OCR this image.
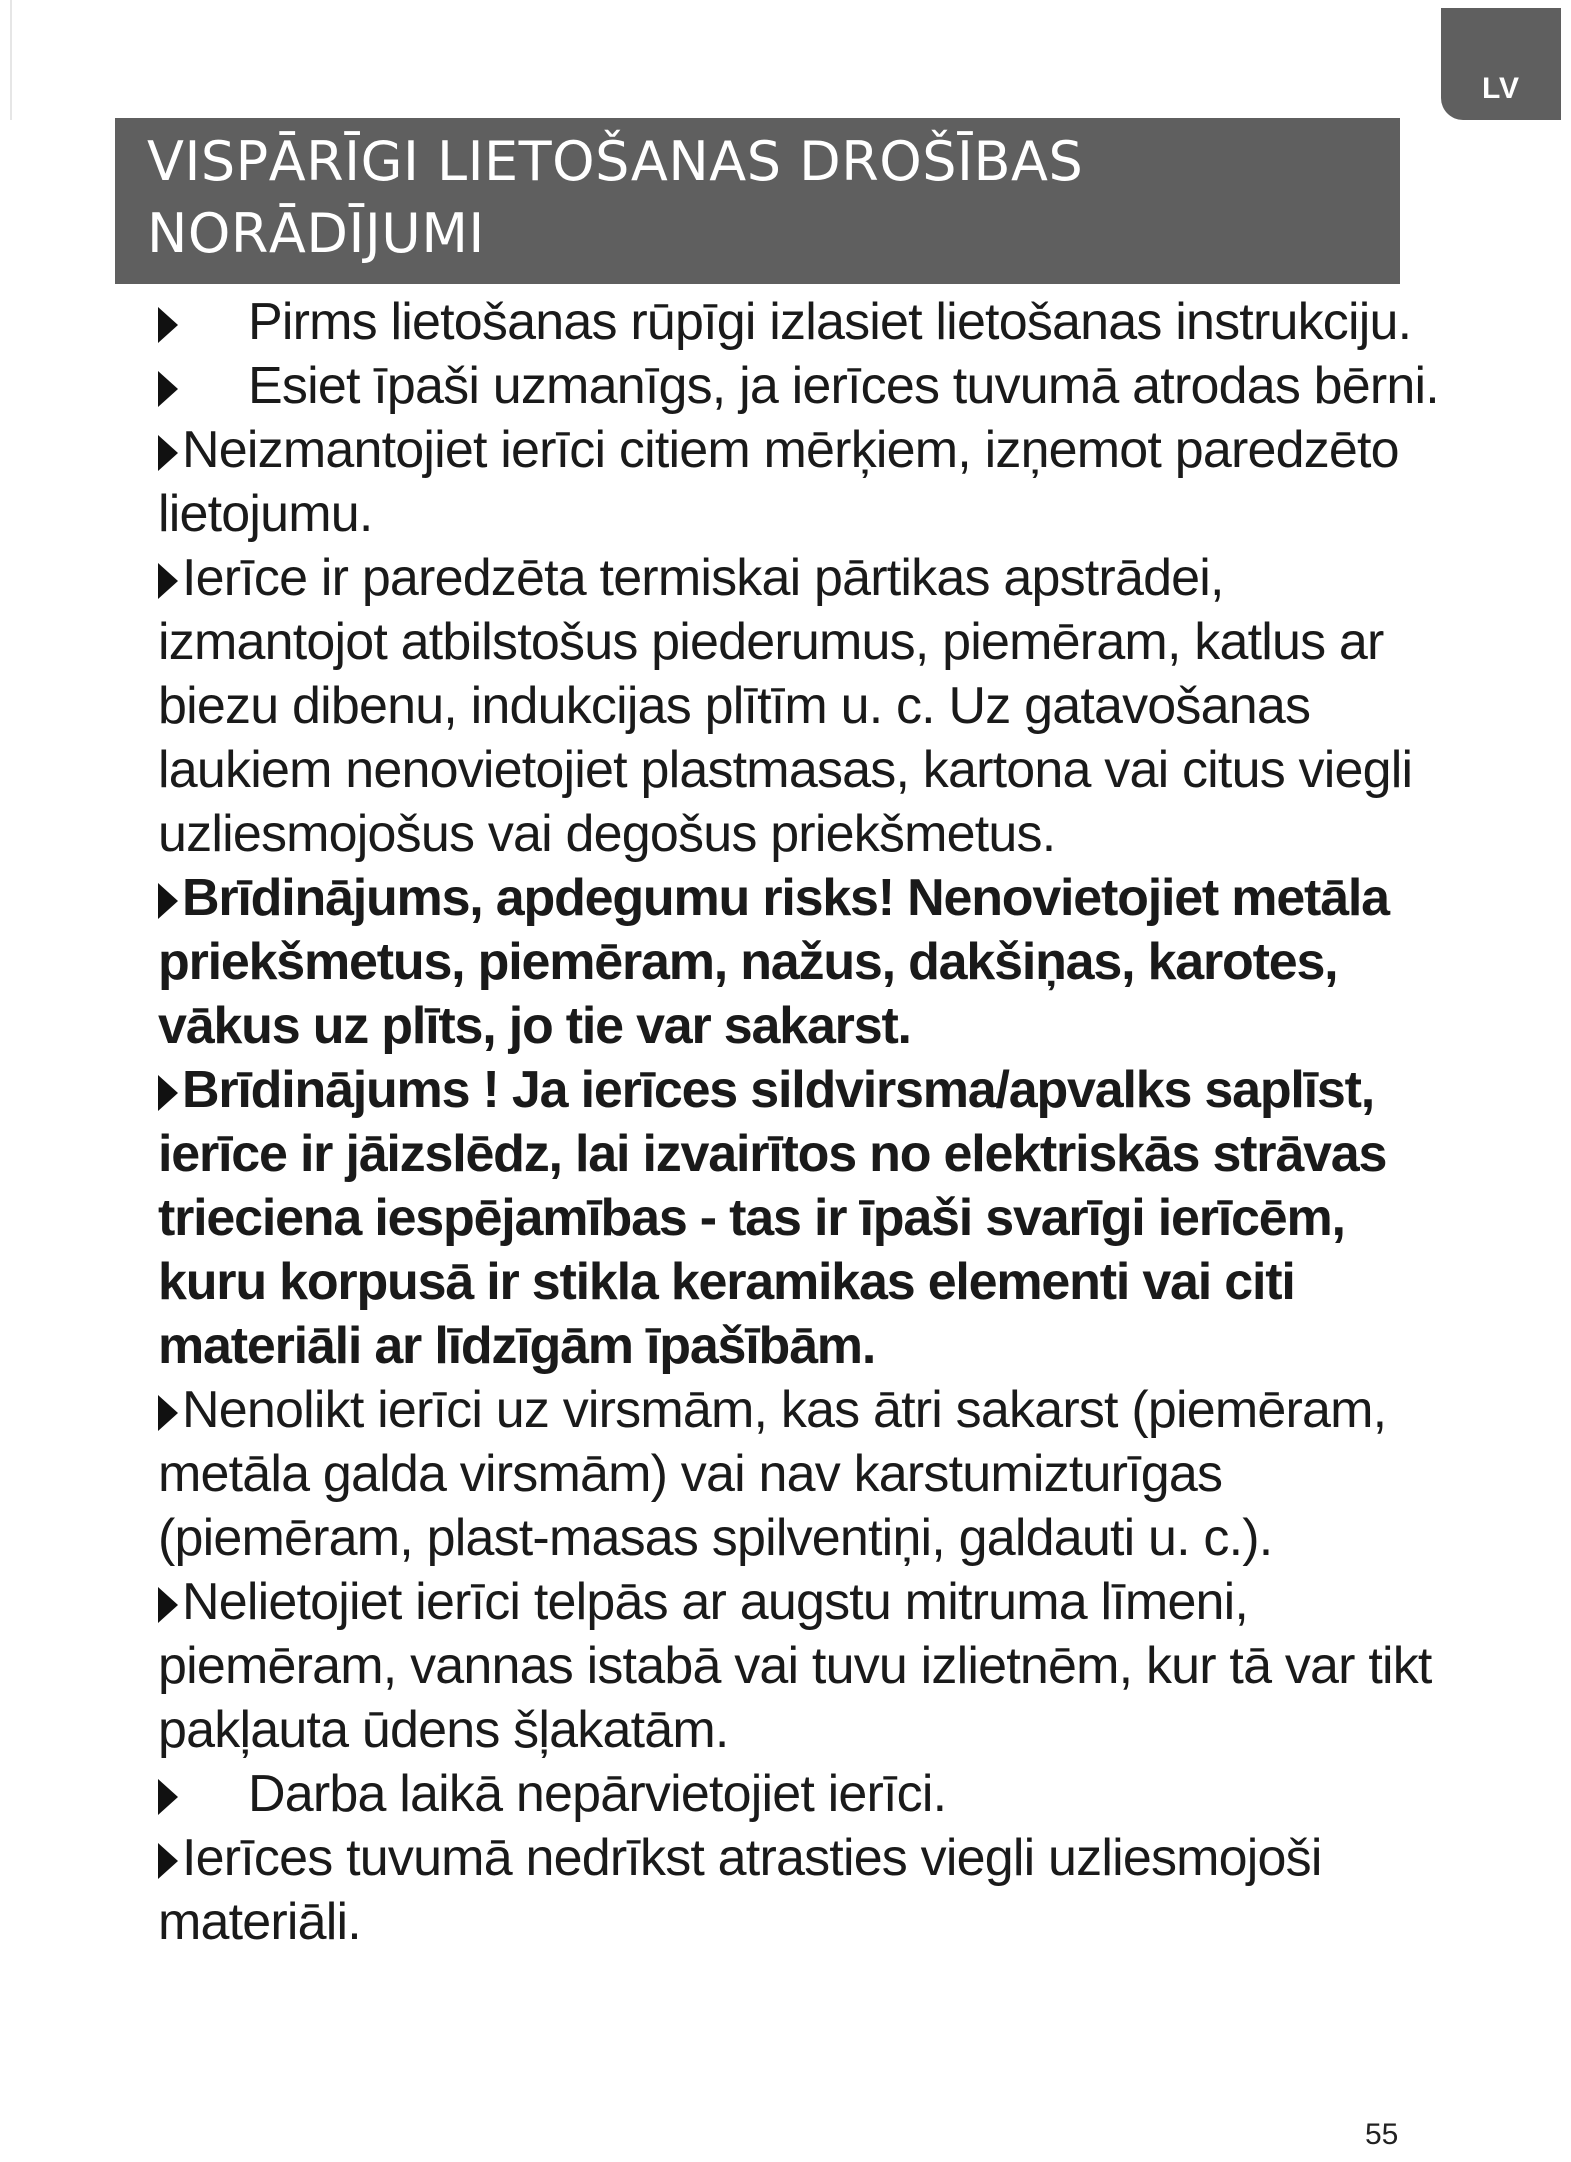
LV
VISPĀRĪGI LIETOŠANAS DROŠĪBAS NORĀDĪJUMI

Pirms lietošanas rūpīgi izlasiet lietošanas instrukciju.

Esiet īpaši uzmanīgs, ja ierīces tuvumā atrodas bērni.

Neizmantojiet ierīci citiem mērķiem, izņemot paredzēto lietojumu.

Ierīce ir paredzēta termiskai pārtikas apstrādei, izmantojot atbilstošus piederumus, piemēram, katlus ar biezu dibenu, indukcijas plītīm u. c. Uz gatavošanas laukiem nenovietojiet plastmasas, kartona vai citus viegli uzliesmojošus vai degošus priekšmetus.

Brīdinājums, apdegumu risks! Nenovietojiet metāla priekšmetus, piemēram, nažus, dakšiņas, karotes, vākus uz plīts, jo tie var sakarst.

Brīdinājums ! Ja ierīces sildvirsma/apvalks saplīst, ierīce ir jāizslēdz, lai izvairītos no elektriskās strāvas trieciena iespējamības - tas ir īpaši svarīgi ierīcēm, kuru korpusā ir stikla keramikas elementi vai citi materiāli ar līdzīgām īpašībām.

Nenolikt ierīci uz virsmām, kas ātri sakarst (piemēram, metāla galda virsmām) vai nav karstumizturīgas (piemēram, plast-masas spilventiņi, galdauti u. c.).

Nelietojiet ierīci telpās ar augstu mitruma līmeni, piemēram, vannas istabā vai tuvu izlietnēm, kur tā var tikt pakļauta ūdens šļakatām.

Darba laikā nepārvietojiet ierīci.

Ierīces tuvumā nedrīkst atrasties viegli uzliesmojoši materiāli.

55
